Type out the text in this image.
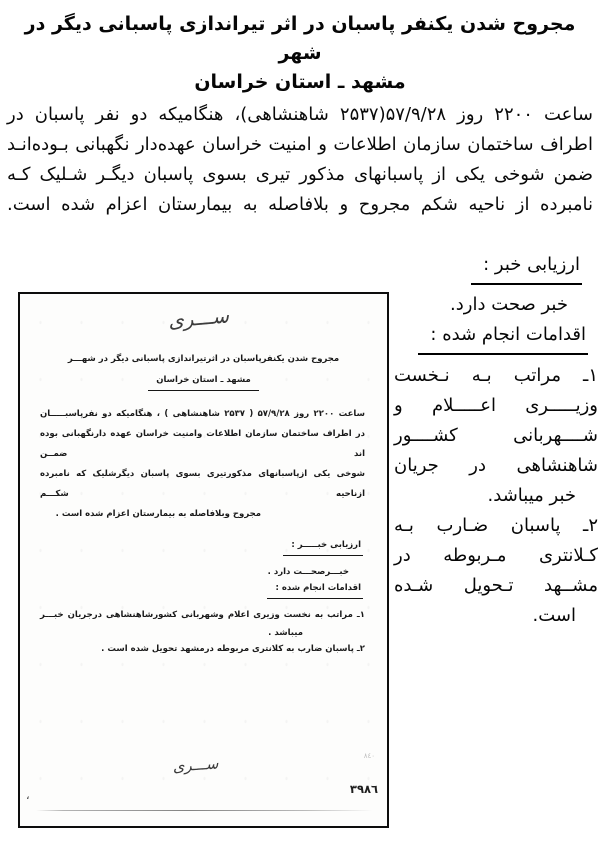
مجروح شدن یکنفر پاسبان در اثر تیراندازی پاسبانی دیگر در شهر
مشهد ـ استان خراسان
ساعت ۲۲۰۰ روز ۵۷/۹/۲۸(۲۵۳۷ شاهنشاهی)، هنگامیکه دو نفر پاسبان در
اطراف ساختمان سازمان اطلاعات و امنیت خراسان عهده‌دار نگهبانی بـوده‌انـد
ضمن شوخی یکی از پاسبانهای مذکور تیری بسوی پاسبان دیگـر شـلیک کـه
نامبرده از ناحیه شکم مجروح و بلافاصله به بیمارستان اعزام شده است.
ارزیابی خبر :
خبر صحت دارد.
اقدامات انجام شده :
۱ـ مراتب بـه نـخست
وزیـــــری اعـــــلام و
شــــهربانی کشــــور
شاهنشاهی در جریان
خبر میباشد.
۲ـ پاسبان ضـارب بـه
کـلانتری مـربوطه در
مشــهد تـحویل شـده
است.
ســـری
مجروح شدن یکنفرپاسبان در اثرتیراندازی پاسبانی دیگر در شهـــر
مشهد ـ استان خراسان
ساعت ۲۲۰۰ روز ۵۷/۹/۲۸ ( ۲۵۳۷ شاهنشاهی ) ، هنگامیکه دو نفرپاسبـــــان
در اطراف ساختمان سازمان اطلاعات وامنیت خراسان عهده دارنگهبانی بوده اند ضمــن
شوخی یکی ازپاسبانهای مذکورتیری بسوی پاسبان دیگرشلیک که نامبرده ازناحیه شکـــم
مجروح وبلافاصله به بیمارستان اعزام شده است .
ارزیابی خبـــــر :
خبـــرصحـــت دارد .
اقدامات انجام شده :
۱ـ مراتب به نخست وزیری اعلام وشهربانی کشورشاهنشاهی درجریان خبـــر
میباشد .
۲ـ پاسبان ضارب به کلانتری مربوطه درمشهد تحویل شده است .
ســـری	٨٤٠
٣٩٨٦
،
